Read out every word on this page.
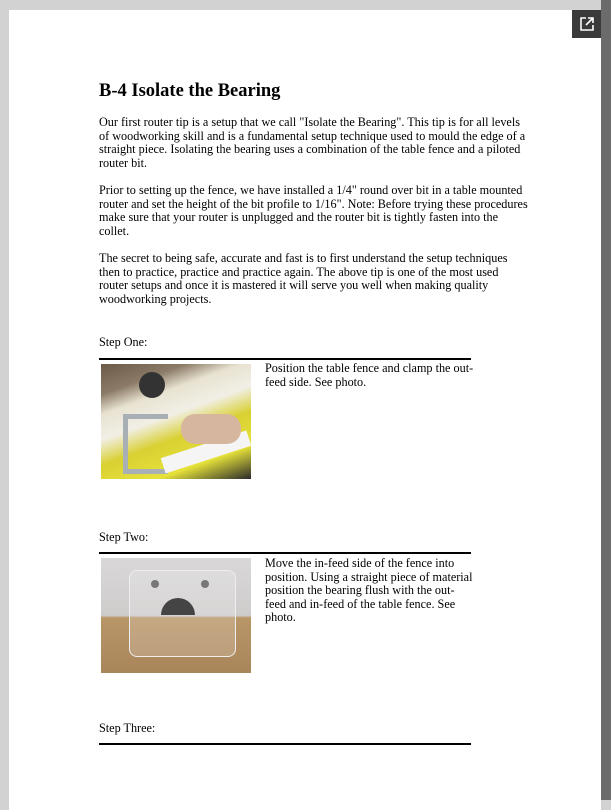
B-4 Isolate the Bearing

Our first router tip is a setup that we call "Isolate the Bearing". This tip is for all levels of woodworking skill and is a fundamental setup technique used to mould the edge of a straight piece. Isolating the bearing uses a combination of the table fence and a piloted router bit.

Prior to setting up the fence, we have installed a 1/4" round over bit in a table mounted router and set the height of the bit profile to 1/16". Note: Before trying these procedures make sure that your router is unplugged and the router bit is tightly fasten into the collet.

The secret to being safe, accurate and fast is to first understand the setup techniques then to practice, practice and practice again. The above tip is one of the most used router setups and once it is mastered it will serve you well when making quality woodworking projects.

Step One:

Position the table fence and clamp the out-feed side. See photo.

Step Two:

Move the in-feed side of the fence into position. Using a straight piece of material position the bearing flush with the out-feed and in-feed of the table fence. See photo.

Step Three:
